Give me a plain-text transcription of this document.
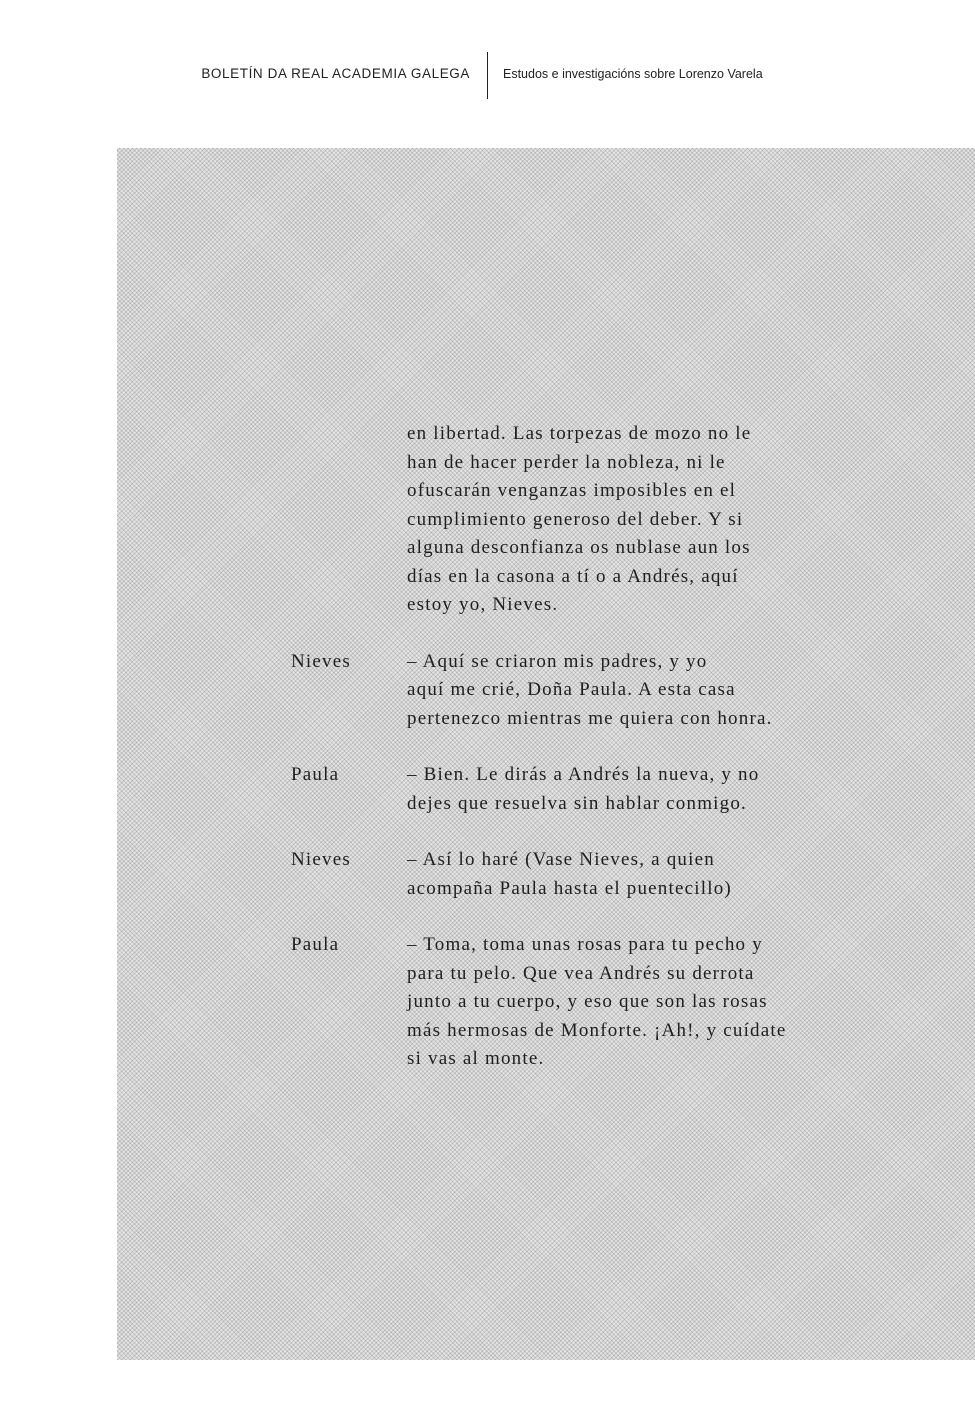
BOLETÍN DA REAL ACADEMIA GALEGA	Estudos e investigacións sobre Lorenzo Varela
en libertad. Las torpezas de mozo no le
han de hacer perder la nobleza, ni le
ofuscarán venganzas imposibles en el
cumplimiento generoso del deber. Y si
alguna desconfianza os nublase aun los
días en la casona a tí o a Andrés, aquí
estoy yo, Nieves.

Nieves	– Aquí se criaron mis padres, y yo
aquí me crié, Doña Paula. A esta casa
pertenezco mientras me quiera con honra.

Paula	– Bien. Le dirás a Andrés la nueva, y no
dejes que resuelva sin hablar conmigo.

Nieves	– Así lo haré (Vase Nieves, a quien
acompaña Paula hasta el puentecillo)

Paula	– Toma, toma unas rosas para tu pecho y
para tu pelo. Que vea Andrés su derrota
junto a tu cuerpo, y eso que son las rosas
más hermosas de Monforte. ¡Ah!, y cuídate
si vas al monte.
